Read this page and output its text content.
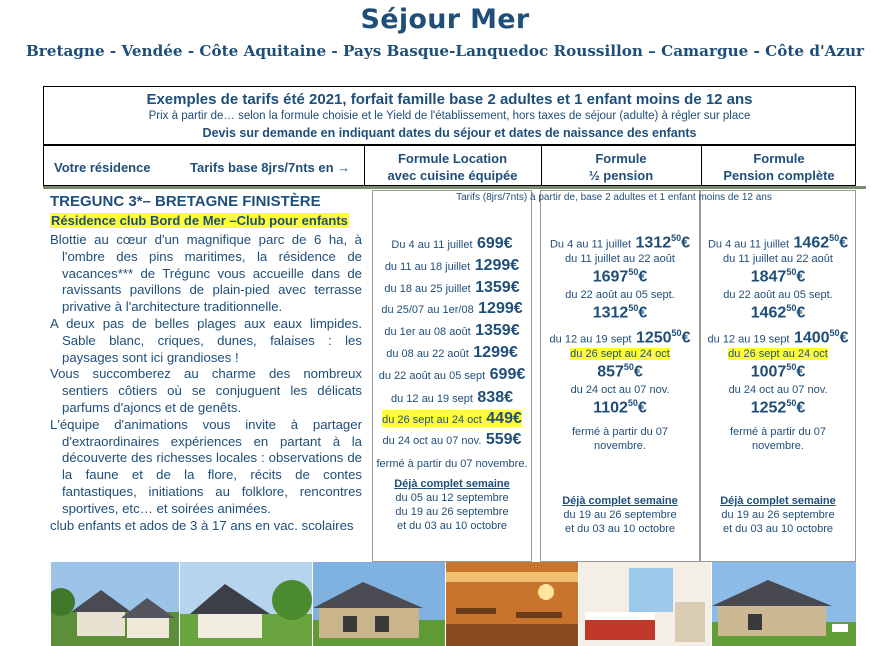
Séjour Mer
Bretagne - Vendée - Côte Aquitaine - Pays Basque-Lanquedoc Roussillon – Camargue - Côte d'Azur
Exemples de tarifs été 2021, forfait famille base 2 adultes et 1 enfant moins de 12 ans
Prix à partir de… selon la formule choisie et le Yield de l'établissement, hors taxes de séjour (adulte) à régler sur place
Devis sur demande en indiquant dates du séjour et dates de naissance des enfants
Votre résidence	Tarifs base 8jrs/7nts en →
Formule Location
avec cuisine équipée
Formule
½ pension
Formule
Pension complète
TREGUNC 3*– BRETAGNE FINISTÈRE
Résidence club Bord de Mer –Club pour enfants

Blottie au cœur d'un magnifique parc de 6 ha, à l'ombre des pins maritimes, la résidence de vacances*** de Trégunc vous accueille dans de ravissants pavillons de plain-pied avec terrasse privative à l'architecture traditionnelle.

A deux pas de belles plages aux eaux limpides. Sable blanc, criques, dunes, falaises : les paysages sont ici grandioses !

Vous succomberez au charme des nombreux sentiers côtiers où se conjuguent les délicats parfums d'ajoncs et de genêts.

L'équipe d'animations vous invite à partager d'extraordinaires expériences en partant à la découverte des richesses locales : observations de la faune et de la flore, récits de contes fantastiques, initiations au folklore, rencontres sportives, etc… et soirées animées.

club enfants et ados de 3 à 17 ans en vac. scolaires

Tarifs (8jrs/7nts) à partir de, base 2 adultes et 1 enfant moins de 12 ans
Du 4 au 11 juillet 699€
du 11 au 18 juillet 1299€
du 18 au 25 juillet 1359€
du 25/07 au 1er/08 1299€
du 1er au 08 août 1359€
du 08 au 22 août 1299€
du 22 août au 05 sept 699€
du 12 au 19 sept 838€
du 26 sept au 24 oct 449€
du 24 oct au 07 nov. 559€
fermé à partir du 07 novembre.
Déjà complet semaine
du 05 au 12 septembre
du 19 au 26 septembre
et du 03 au 10 octobre
Du 4 au 11 juillet 1312$^{50}$€
du 11 juillet au 22 août
1697$^{50}$€
du 22 août au 05 sept.
1312$^{50}$€
du 12 au 19 sept 1250$^{50}$€
du 26 sept au 24 oct
$857^{50}€$
du 24 oct au 07 nov.
1102$^{50}$€
fermé à partir du 07
novembre.
Déjà complet semaine
du 19 au 26 septembre
et du 03 au 10 octobre
Du 4 au 11 juillet 1462$^{50}$€
du 11 juillet au 22 août
1847$^{50}$€
du 22 août au 05 sept.
1462$^{50}$€
du 12 au 19 sept 1400$^{50}$€
du 26 sept au 24 oct
1007$^{50}$€
du 24 oct au 07 nov.
1252$^{50}$€
fermé à partir du 07
novembre.
Déjà complet semaine
du 19 au 26 septembre
et du 03 au 10 octobre
